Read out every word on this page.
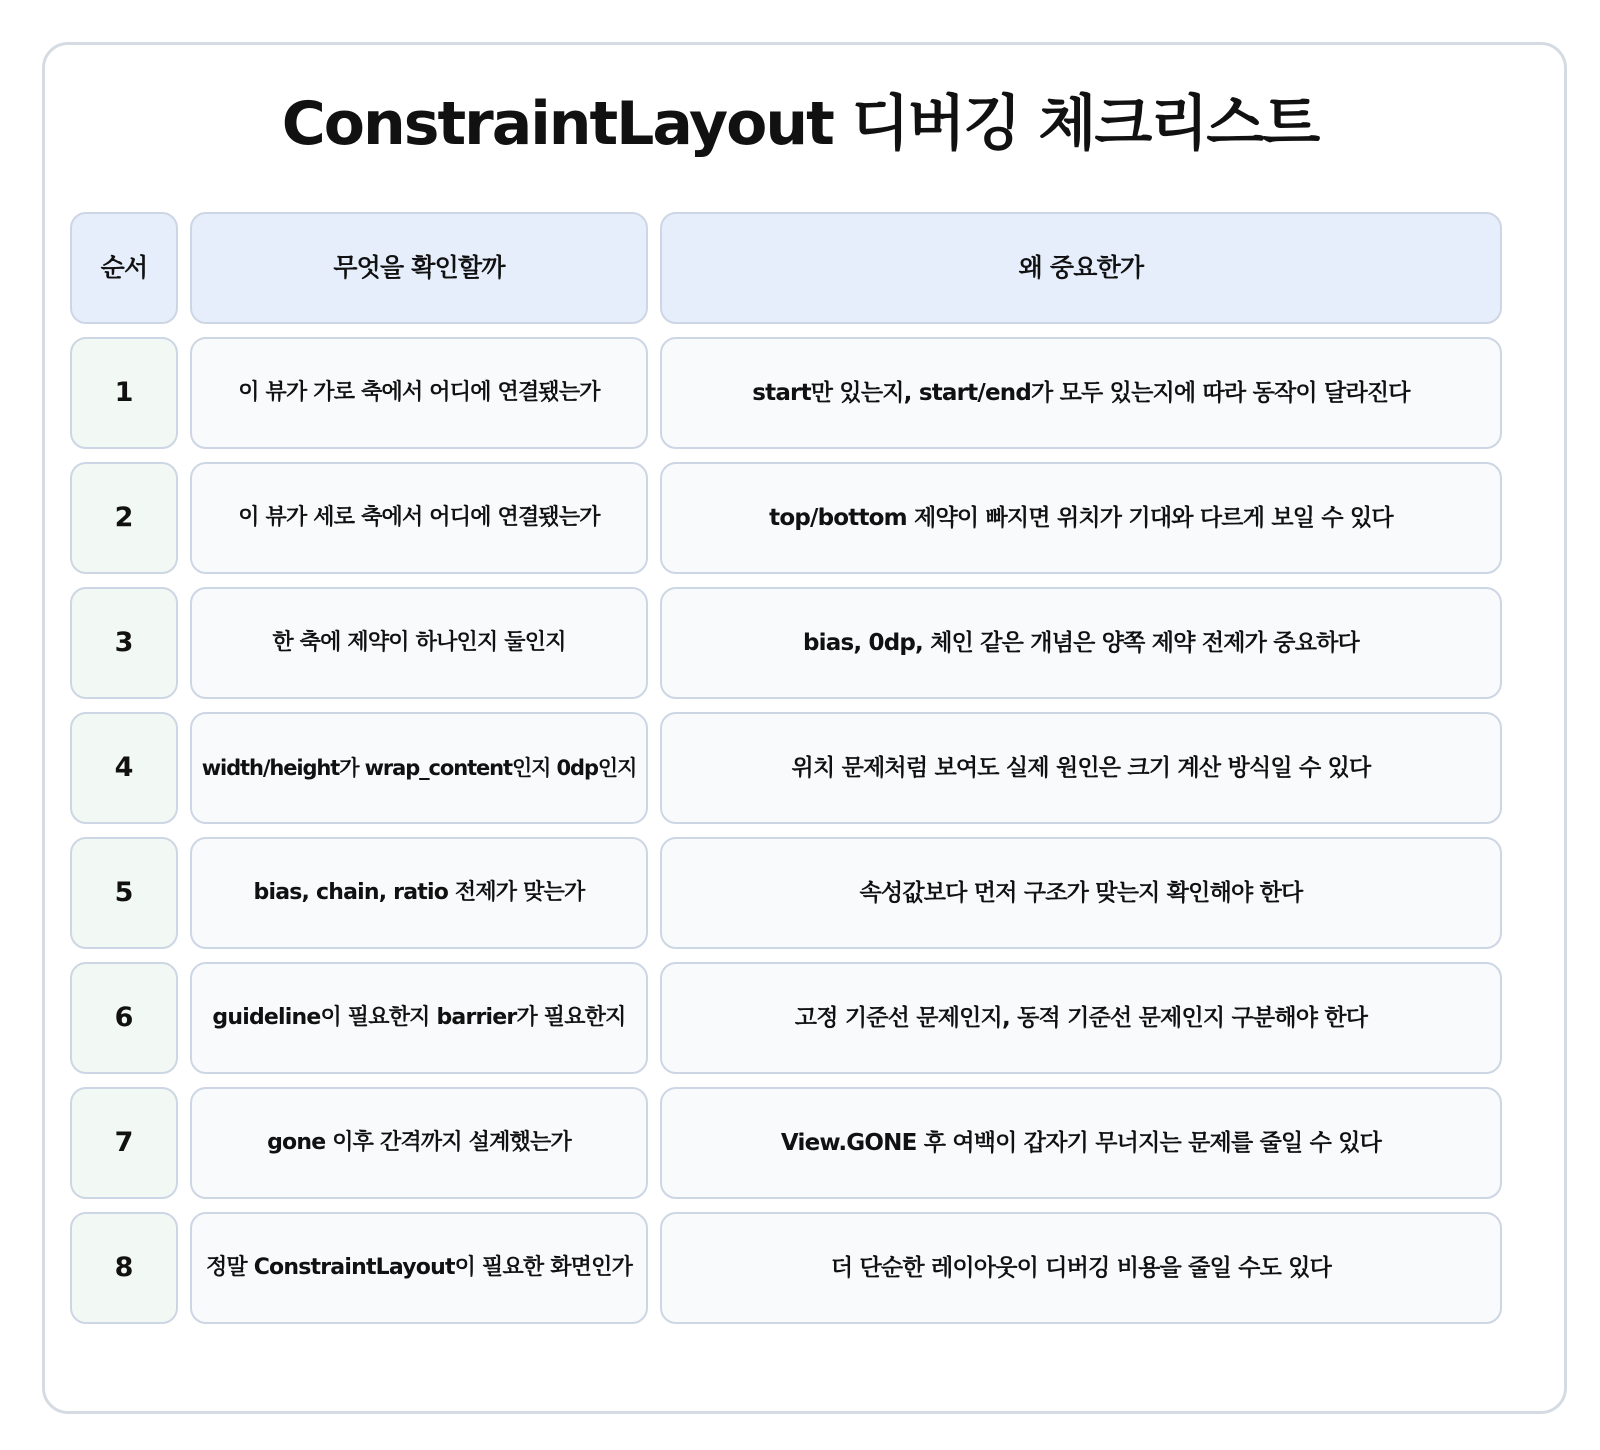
ConstraintLayout 디버깅 체크리스트
순서	무엇을 확인할까	왜 중요한가
1	이 뷰가 가로 축에서 어디에 연결됐는가	start만 있는지, start/end가 모두 있는지에 따라 동작이 달라진다
2	이 뷰가 세로 축에서 어디에 연결됐는가	top/bottom 제약이 빠지면 위치가 기대와 다르게 보일 수 있다
3	한 축에 제약이 하나인지 둘인지	bias, 0dp, 체인 같은 개념은 양쪽 제약 전제가 중요하다
4	width/height가 wrap_content인지 0dp인지	위치 문제처럼 보여도 실제 원인은 크기 계산 방식일 수 있다
5	bias, chain, ratio 전제가 맞는가	속성값보다 먼저 구조가 맞는지 확인해야 한다
6	guideline이 필요한지 barrier가 필요한지	고정 기준선 문제인지, 동적 기준선 문제인지 구분해야 한다
7	gone 이후 간격까지 설계했는가	View.GONE 후 여백이 갑자기 무너지는 문제를 줄일 수 있다
8	정말 ConstraintLayout이 필요한 화면인가	더 단순한 레이아웃이 디버깅 비용을 줄일 수도 있다
